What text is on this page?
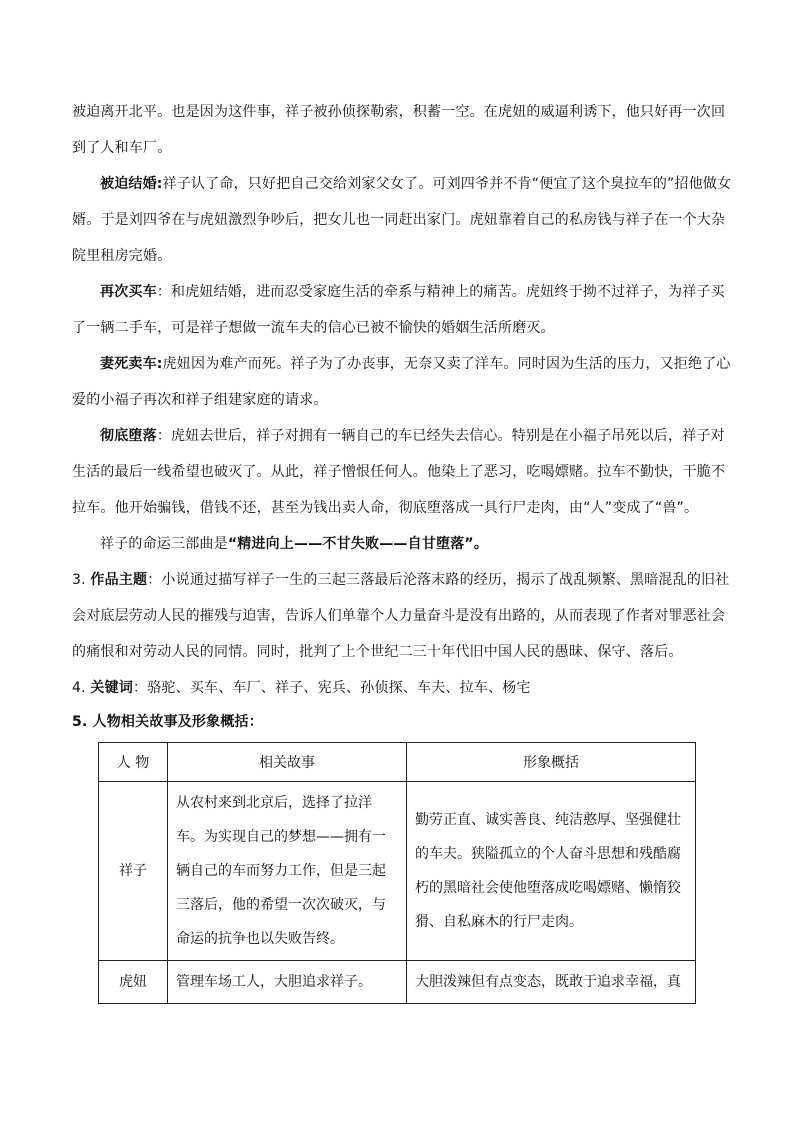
被迫离开北平。也是因为这件事，祥子被孙侦探勒索，积蓄一空。在虎妞的威逼利诱下，他只好再一次回到了人和车厂。

被迫结婚:祥子认了命，只好把自己交给刘家父女了。可刘四爷并不肯“便宜了这个臭拉车的”招他做女婿。于是刘四爷在与虎妞激烈争吵后，把女儿也一同赶出家门。虎妞靠着自己的私房钱与祥子在一个大杂院里租房完婚。

再次买车：和虎妞结婚，进而忍受家庭生活的牵系与精神上的痛苦。虎妞终于拗不过祥子，为祥子买了一辆二手车，可是祥子想做一流车夫的信心已被不愉快的婚姻生活所磨灭。

妻死卖车:虎妞因为难产而死。祥子为了办丧事，无奈又卖了洋车。同时因为生活的压力，又拒绝了心爱的小福子再次和祥子组建家庭的请求。

彻底堕落：虎妞去世后，祥子对拥有一辆自己的车已经失去信心。特别是在小福子吊死以后，祥子对生活的最后一线希望也破灭了。从此，祥子憎恨任何人。他染上了恶习，吃喝嫖赌。拉车不勤快，干脆不拉车。他开始骗钱，借钱不还，甚至为钱出卖人命，彻底堕落成一具行尸走肉，由“人”变成了“兽”。

祥子的命运三部曲是“精进向上——不甘失败——自甘堕落”。

3. 作品主题：小说通过描写祥子一生的三起三落最后沦落末路的经历，揭示了战乱频繁、黑暗混乱的旧社会对底层劳动人民的摧残与迫害，告诉人们单靠个人力量奋斗是没有出路的，从而表现了作者对罪恶社会的痛恨和对劳动人民的同情。同时，批判了上个世纪二三十年代旧中国人民的愚昧、保守、落后。

4. 关键词：骆驼、买车、车厂、祥子、宪兵、孙侦探、车夫、拉车、杨宅

5. 人物相关故事及形象概括：

人 物	相关故事	形象概括
祥子	从农村来到北京后，选择了拉洋车。为实现自己的梦想——拥有一辆自己的车而努力工作，但是三起三落后，他的希望一次次破灭，与命运的抗争也以失败告终。	勤劳正直、诚实善良、纯洁憨厚、坚强健壮的车夫。狭隘孤立的个人奋斗思想和残酷腐朽的黑暗社会使他堕落成吃喝嫖赌、懒惰狡猾、自私麻木的行尸走肉。
虎妞	管理车场工人，大胆追求祥子。	大胆泼辣但有点变态，既敢于追求幸福，真
